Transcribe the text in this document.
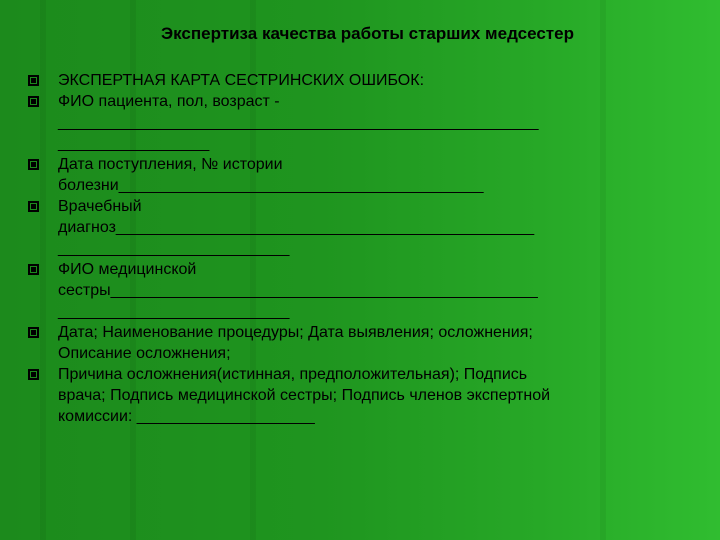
Экспертиза качества работы старших медсестер
ЭКСПЕРТНАЯ КАРТА СЕСТРИНСКИХ ОШИБОК:
ФИО пациента, пол, возраст -
______________________________________________________
_________________
Дата поступления, № истории
болезни_________________________________________
Врачебный
диагноз_______________________________________________
__________________________
ФИО медицинской
сестры________________________________________________
__________________________
Дата; Наименование процедуры; Дата выявления; осложнения;
Описание осложнения;
Причина осложнения(истинная, предположительная); Подпись
врача; Подпись медицинской сестры; Подпись членов экспертной
комиссии: ____________________
